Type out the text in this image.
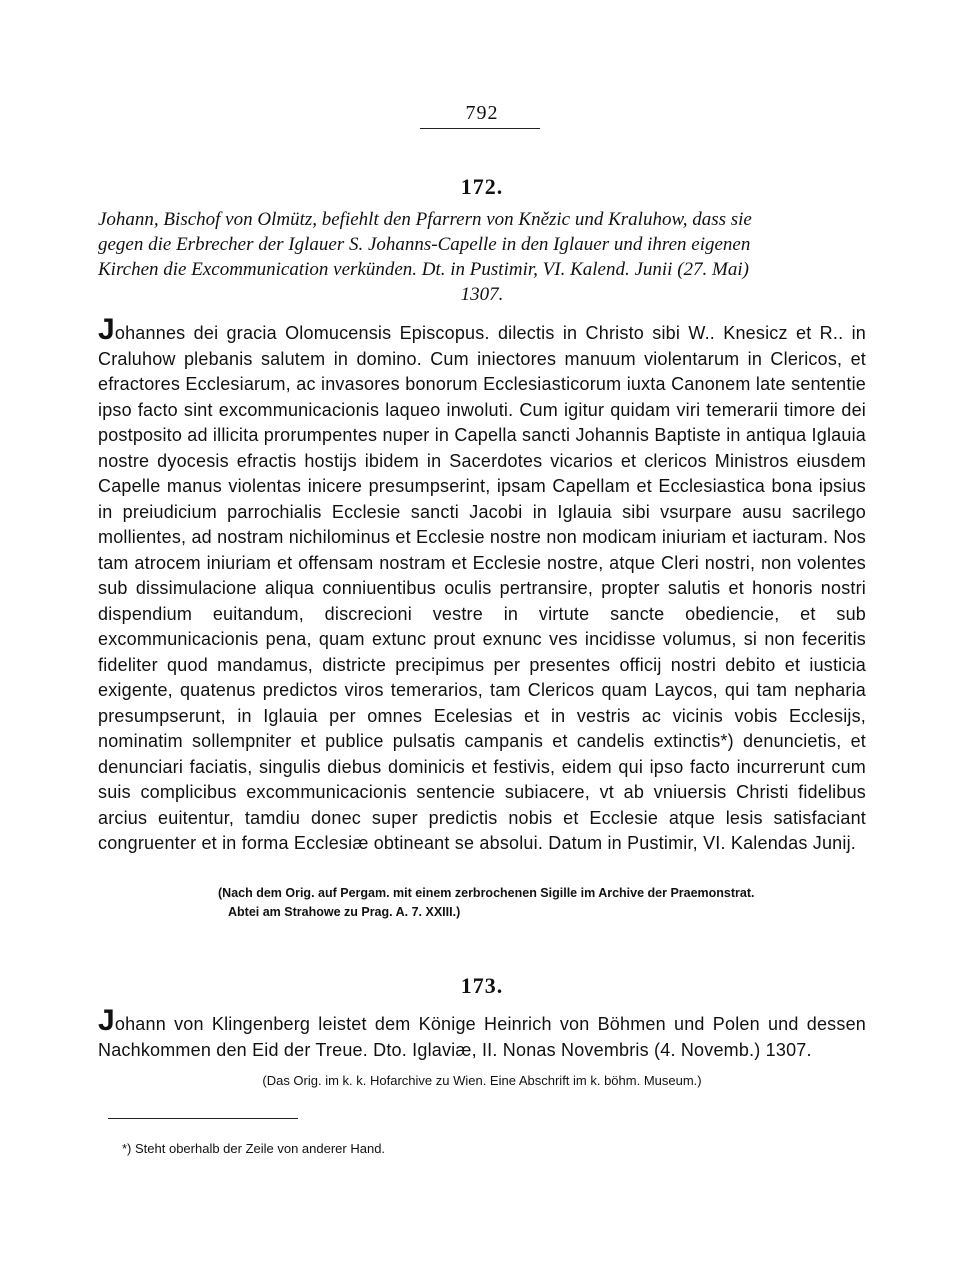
792
172.
Johann, Bischof von Olmütz, befiehlt den Pfarrern von Knězic und Kraluhow, dass sie
gegen die Erbrecher der Iglauer S. Johanns-Capelle in den Iglauer und ihren eigenen
Kirchen die Excommunication verkünden. Dt. in Pustimir, VI. Kalend. Junii (27. Mai)
1307.
Johannes dei gracia Olomucensis Episcopus. dilectis in Christo sibi W.. Knesicz et R.. in Craluhow plebanis salutem in domino. Cum iniectores manuum violentarum in Clericos, et efractores Ecclesiarum, ac invasores bonorum Ecclesiasticorum iuxta Canonem late sententie ipso facto sint excommunicacionis laqueo inwoluti. Cum igitur quidam viri temerarii timore dei postposito ad illicita prorumpentes nuper in Capella sancti Johannis Baptiste in antiqua Iglauia nostre dyocesis efractis hostijs ibidem in Sacerdotes vicarios et clericos Ministros eiusdem Capelle manus violentas inicere presumpserint, ipsam Capellam et Ecclesiastica bona ipsius in preiudicium parrochialis Ecclesie sancti Jacobi in Iglauia sibi vsurpare ausu sacrilego mollientes, ad nostram nichilominus et Ecclesie nostre non modicam iniuriam et iacturam. Nos tam atrocem iniuriam et offensam nostram et Ecclesie nostre, atque Cleri nostri, non volentes sub dissimulacione aliqua conniuentibus oculis pertransire, propter salutis et honoris nostri dispendium euitandum, discrecioni vestre in virtute sancte obediencie, et sub excommunicacionis pena, quam extunc prout exnunc ves incidisse volumus, si non feceritis fideliter quod mandamus, districte precipimus per presentes officij nostri debito et iusticia exigente, quatenus predictos viros temerarios, tam Clericos quam Laycos, qui tam nepharia presumpserunt, in Iglauia per omnes Ecelesias et in vestris ac vicinis vobis Ecclesijs, nominatim sollempniter et publice pulsatis campanis et candelis extinctis*) denuncietis, et denunciari faciatis, singulis diebus dominicis et festivis, eidem qui ipso facto incurrerunt cum suis complicibus excommunicacionis sentencie subiacere, vt ab vniuersis Christi fidelibus arcius euitentur, tamdiu donec super predictis nobis et Ecclesie atque lesis satisfaciant congruenter et in forma Ecclesiæ obtineant se absolui. Datum in Pustimir, VI. Kalendas Junij.
(Nach dem Orig. auf Pergam. mit einem zerbrochenen Sigille im Archive der Praemonstrat.
Abtei am Strahowe zu Prag. A. 7. XXIII.)
173.
Johann von Klingenberg leistet dem Könige Heinrich von Böhmen und Polen und dessen Nachkommen den Eid der Treue. Dto. Iglaviæ, II. Nonas Novembris (4. Novemb.) 1307.
(Das Orig. im k. k. Hofarchive zu Wien. Eine Abschrift im k. böhm. Museum.)
*) Steht oberhalb der Zeile von anderer Hand.
